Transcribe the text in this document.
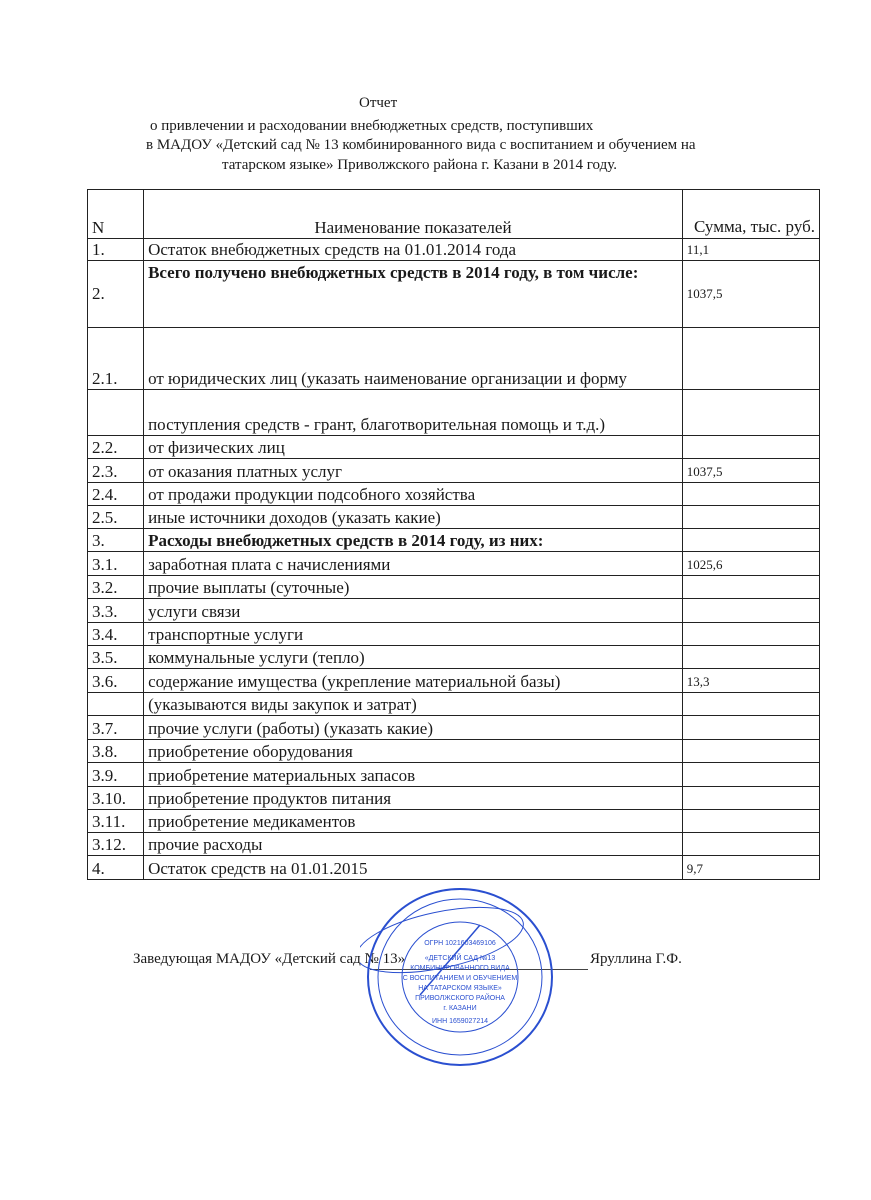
Отчет
о привлечении и расходовании внебюджетных средств, поступивших
в МАДОУ «Детский сад № 13 комбинированного вида с воспитанием и обучением на
татарском языке» Приволжского района г. Казани в 2014 году.
N	Наименование показателей	Сумма, тыс. руб.
1.	Остаток внебюджетных средств на 01.01.2014 года	11,1
2.	Всего получено внебюджетных средств в 2014 году, в том числе:	1037,5
2.1.	от юридических лиц (указать наименование организации и форму	
	поступления средств - грант, благотворительная помощь и т.д.)	
2.2.	от физических лиц	
2.3.	от оказания платных услуг	1037,5
2.4.	от продажи продукции подсобного хозяйства	
2.5.	иные источники доходов (указать какие)	
3.	Расходы внебюджетных средств в 2014 году, из них:	
3.1.	заработная плата с начислениями	1025,6
3.2.	прочие выплаты (суточные)	
3.3.	услуги связи	
3.4.	транспортные услуги	
3.5.	коммунальные услуги (тепло)	
3.6.	содержание имущества (укрепление материальной базы)	13,3
	(указываются виды закупок и затрат)	
3.7.	прочие услуги (работы) (указать какие)	
3.8.	приобретение оборудования	
3.9.	приобретение материальных запасов	
3.10.	приобретение продуктов питания	
3.11.	приобретение медикаментов	
3.12.	прочие расходы	
4.	Остаток средств на 01.01.2015	9,7
Заведующая МАДОУ «Детский сад № 13»	Яруллина Г.Ф.
ОГРН 1021603469106
«ДЕТСКИЙ САД №13
КОМБИНИРОВАННОГО ВИДА
С ВОСПИТАНИЕМ И ОБУЧЕНИЕМ
НА ТАТАРСКОМ ЯЗЫКЕ»
ПРИВОЛЖСКОГО РАЙОНА
г. КАЗАНИ
ИНН 1659027214
